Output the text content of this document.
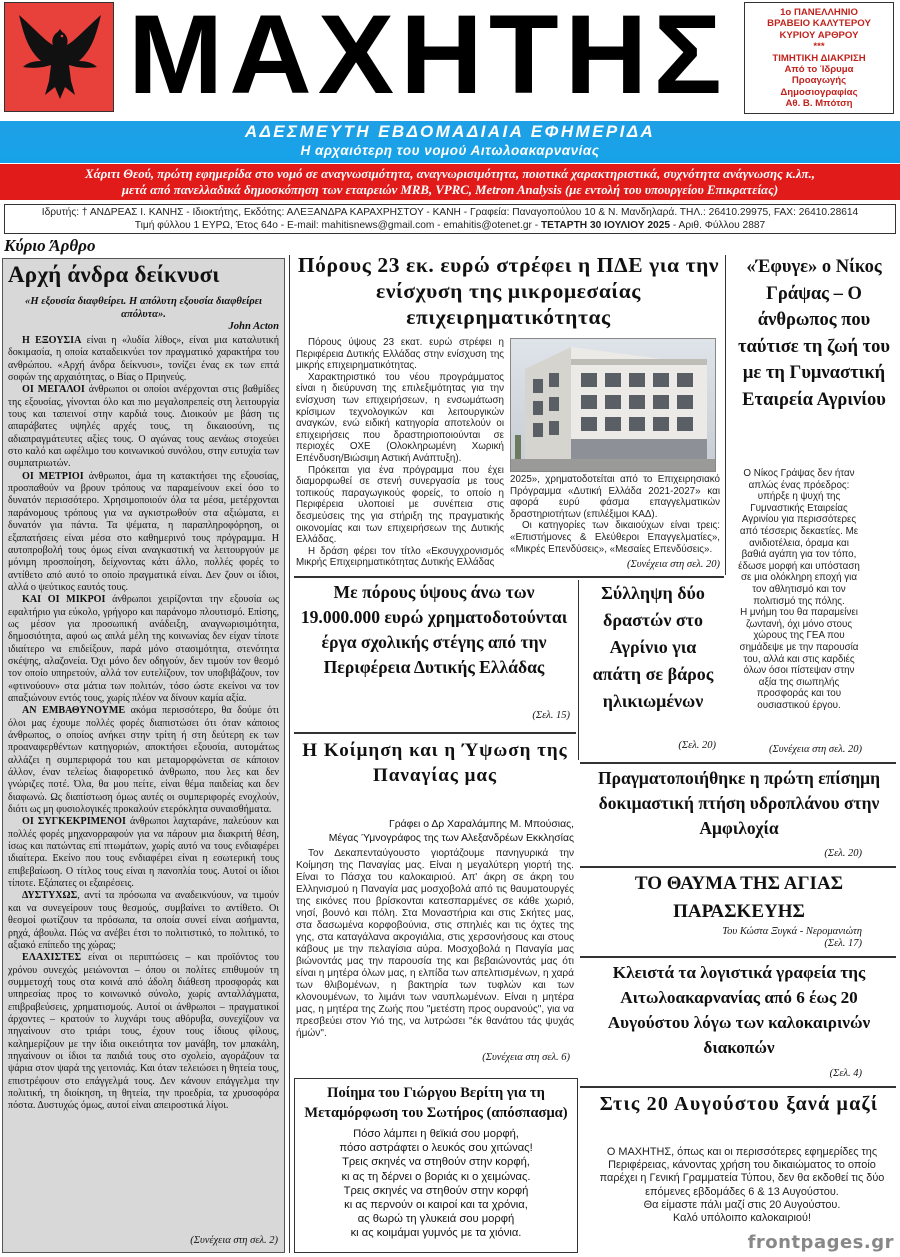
ΜΑΧΗΤΗΣ	1ο ΠΑΝΕΛΛΗΝΙΟ
ΒΡΑΒΕΙΟ ΚΑΛΥΤΕΡΟΥ
ΚΥΡΙΟΥ ΑΡΘΡΟΥ
***
ΤΙΜΗΤΙΚΗ ΔΙΑΚΡΙΣΗ
Από το Ίδρυμα
Προαγωγής
Δημοσιογραφίας
Αθ. Β. Μπότση
ΑΔΕΣΜΕΥΤΗ ΕΒΔΟΜΑΔΙΑΙΑ ΕΦΗΜΕΡΙΔΑ
Η αρχαιότερη του νομού Αιτωλοακαρνανίας
Χάριτι Θεού, πρώτη εφημερίδα στο νομό σε αναγνωσιμότητα, αναγνωρισιμότητα, ποιοτικά χαρακτηριστικά, συχνότητα ανάγνωσης κ.λπ.,
μετά από πανελλαδικά δημοσκόπηση των εταιρειών MRB, VPRC, Metron Analysis (με εντολή του υπουργείου Επικρατείας)
Ιδρυτής: † ΑΝΔΡΕΑΣ Ι. ΚΑΝΗΣ - Ιδιοκτήτης, Εκδότης: ΑΛΕΞΑΝΔΡΑ ΚΑΡΑΧΡΗΣΤΟΥ - ΚΑΝΗ - Γραφεία: Παναγοπούλου 10 & Ν. Μανδηλαρά. ΤΗΛ.: 26410.29975, FAX: 26410.28614
Τιμή φύλλου 1 ΕΥΡΩ, Έτος 64ο - E-mail: mahitisnews@gmail.com - emahitis@otenet.gr - ΤΕΤΑΡΤΗ 30 ΙΟΥΛΙΟΥ 2025 - Αριθ. Φύλλου 2887
Κύριο Άρθρο
Αρχή άνδρα δείκνυσι
«Η εξουσία διαφθείρει. Η απόλυτη εξουσία διαφθείρει απόλυτα».
John Acton

Η ΕΞΟΥΣΙΑ είναι η «λυδία λίθος», είναι μια καταλυτική δοκιμασία, η οποία καταδεικνύει τον πραγματικό χαρακτήρα του ανθρώπου. «Αρχή άνδρα δείκνυσι», τονίζει ένας εκ των επτά σοφών της αρχαιότητας, ο Βίας ο Πριηνεύς.

ΟΙ ΜΕΓΑΛΟΙ άνθρωποι οι οποίοι ανέρχονται στις βαθμίδες της εξουσίας, γίνονται όλο και πιο μεγαλοπρεπείς στη λειτουργία τους και ταπεινοί στην καρδιά τους. Διοικούν με βάση τις απαράβατες υψηλές αρχές τους, τη δικαιοσύνη, τις αδιαπραγμάτευτες αξίες τους. Ο αγώνας τους αενάως στοχεύει στο καλό και ωφέλιμο του κοινωνικού συνόλου, στην ευτυχία των συμπατριωτών.

ΟΙ ΜΕΤΡΙΟΙ άνθρωποι, άμα τη κατακτήσει της εξουσίας, προσπαθούν να βρουν τρόπους να παραμείνουν εκεί όσο το δυνατόν περισσότερο. Χρησιμοποιούν όλα τα μέσα, μετέρχονται παράνομους τρόπους για να αγκιστρωθούν στα αξιώματα, ει δυνατόν για πάντα. Τα ψέματα, η παραπληροφόρηση, οι εξαπατήσεις είναι μέσα στο καθημερινό τους πρόγραμμα. Η αυτοπροβολή τους όμως είναι αναγκαστική να λειτουργούν με μόνιμη προσποίηση, δείχνοντας κάτι άλλο, πολλές φορές το αντίθετο από αυτό το οποίο πραγματικά είναι. Δεν ζουν οι ίδιοι, αλλά ο ψεύτικος εαυτός τους.

ΚΑΙ ΟΙ ΜΙΚΡΟΙ άνθρωποι χειρίζονται την εξουσία ως εφαλτήριο για εύκολο, γρήγορο και παράνομο πλουτισμό. Επίσης, ως μέσον για προσωπική ανάδειξη, αναγνωρισιμότητα, δημοσιότητα, αφού ως απλά μέλη της κοινωνίας δεν είχαν τίποτε ιδιαίτερο να επιδείξουν, παρά μόνο στασιμότητα, στενότητα σκέψης, αλαζονεία. Όχι μόνο δεν οδηγούν, δεν τιμούν τον θεσμό τον οποίο υπηρετούν, αλλά τον ευτελίζουν, τον υποβιβάζουν, τον «φτινούουν» στα μάτια των πολιτών, τόσο ώστε εκείνοι να τον απαξιώνουν εντός τους, χωρίς πλέον να δίνουν καμία αξία.

ΑΝ ΕΜΒΑΘΥΝΟΥΜΕ ακόμα περισσότερο, θα δούμε ότι όλοι μας έχουμε πολλές φορές διαπιστώσει ότι όταν κάποιος άνθρωπος, ο οποίος ανήκει στην τρίτη ή στη δεύτερη εκ των προαναφερθέντων κατηγοριών, αποκτήσει εξουσία, αυτομάτως αλλάζει η συμπεριφορά του και μεταμορφώνεται σε κάποιον άλλον, έναν τελείως διαφορετικό άνθρωπο, που λες και δεν γνώριζες ποτέ. Όλα, θα μου πείτε, είναι θέμα παιδείας και δεν διαφωνώ. Ως διαπίστωση όμως αυτές οι συμπεριφορές ενοχλούν, διότι ως μη φυσιολογικές προκαλούν ετερόκλητα συναισθήματα.

ΟΙ ΣΥΓΚΕΚΡΙΜΕΝΟΙ άνθρωποι λαχταράνε, παλεύουν και πολλές φορές μηχανορραφούν για να πάρουν μια διακριτή θέση, ίσως και πατώντας επί πτωμάτων, χωρίς αυτό να τους ενδιαφέρει ιδιαίτερα. Εκείνο που τους ενδιαφέρει είναι η εσωτερική τους επιβεβαίωση. Ο τίτλος τους είναι η πανοπλία τους. Αυτοί οι ίδιοι τίποτε. Εξάπατες οι εξαιρέσεις.

ΔΥΣΤΥΧΩΣ, αντί τα πρόσωπα να αναδεικνύουν, να τιμούν και να συνεγείρουν τους θεσμούς, συμβαίνει το αντίθετο. Οι θεσμοί φωτίζουν τα πρόσωπα, τα οποία συνεί είναι ασήμαντα, ρηχά, άβουλα. Πώς να ανέβει έτσι το πολιτιστικό, το πολιτικό, το αξιακό επίπεδο της χώρας;

ΕΛΑΧΙΣΤΕΣ είναι οι περιπτώσεις – και προϊόντος του χρόνου συνεχώς μειώνονται – όπου οι πολίτες επιθυμούν τη συμμετοχή τους στα κοινά από άδολη διάθεση προσφοράς και υπηρεσίας προς το κοινωνικό σύνολο, χωρίς ανταλλάγματα, επιβραβεύσεις, χρηματισμούς. Αυτοί οι άνθρωποι – πραγματικοί άρχοντες – κρατούν το λυχνάρι τους αθόρυβα, συνεχίζουν να πηγαίνουν στο τριάρι τους, έχουν τους ίδιους φίλους, καλημερίζουν με την ίδια οικειότητα τον μανάβη, τον μπακάλη, πηγαίνουν οι ίδιοι τα παιδιά τους στο σχολείο, αγοράζουν τα ψάρια στον ψαρά της γειτονιάς. Και όταν τελειώσει η θητεία τους, επιστρέφουν στο επάγγελμά τους. Δεν κάνουν επάγγελμα την πολιτική, τη διοίκηση, τη θητεία, την προεδρία, τα χρυσοφόρα πόστα. Δυστυχώς όμως, αυτοί είναι απειροστικά λίγοι.

(Συνέχεια στη σελ. 2)
Πόρους 23 εκ. ευρώ στρέφει η ΠΔΕ για την ενίσχυση της μικρομεσαίας επιχειρηματικότητας

Πόρους ύψους 23 εκατ. ευρώ στρέφει η Περιφέρεια Δυτικής Ελλάδας στην ενίσχυση της μικρής επιχειρηματικότητας.

Χαρακτηριστικό του νέου προγράμματος είναι η διεύρυνση της επιλεξιμότητας για την ενίσχυση των επιχειρήσεων, η ενσωμάτωση κρίσιμων τεχνολογικών και λειτουργικών αναγκών, ενώ ειδική κατηγορία αποτελούν οι επιχειρήσεις που δραστηριοποιούνται σε περιοχές ΟΧΕ (Ολοκληρωμένη Χωρική Επένδυση/Βιώσιμη Αστική Ανάπτυξη).

Πρόκειται για ένα πρόγραμμα που έχει διαμορφωθεί σε στενή συνεργασία με τους τοπικούς παραγωγικούς φορείς, το οποίο η Περιφέρεια υλοποιεί με συνέπεια στις δεσμεύσεις της για στήριξη της πραγματικής οικονομίας και των επιχειρήσεων της Δυτικής Ελλάδας.

Η δράση φέρει τον τίτλο «Εκσυγχρονισμός Μικρής Επιχειρηματικότητας Δυτικής Ελλάδας

2025», χρηματοδοτείται από το Επιχειρησιακό Πρόγραμμα «Δυτική Ελλάδα 2021-2027» και αφορά ευρύ φάσμα επαγγελματικών δραστηριοτήτων (επιλέξιμοι ΚΑΔ).

Οι κατηγορίες των δικαιούχων είναι τρεις: «Επιστήμονες & Ελεύθεροι Επαγγελματίες», «Μικρές Επενδύσεις», «Μεσαίες Επενδύσεις».

(Συνέχεια στη σελ. 20)
«Έφυγε» ο Νίκος Γράψας – Ο άνθρωπος που ταύτισε τη ζωή του με τη Γυμναστική Εταιρεία Αγρινίου

Ο Νίκος Γράψας δεν ήταν απλώς ένας πρόεδρος: υπήρξε η ψυχή της Γυμναστικής Εταιρείας Αγρινίου για περισσότερες από τέσσερις δεκαετίες. Με ανιδιοτέλεια, όραμα και βαθιά αγάπη για τον τόπο, έδωσε μορφή και υπόσταση σε μια ολόκληρη εποχή για τον αθλητισμό και τον πολιτισμό της πόλης.

Η μνήμη του θα παραμείνει ζωντανή, όχι μόνο στους χώρους της ΓΕΑ που σημάδεψε με την παρουσία του, αλλά και στις καρδιές όλων όσοι πίστεψαν στην αξία της σιωπηλής προσφοράς και του ουσιαστικού έργου.

(Συνέχεια στη σελ. 20)
Με πόρους ύψους άνω των 19.000.000 ευρώ χρηματοδοτούνται έργα σχολικής στέγης από την Περιφέρεια Δυτικής Ελλάδας
(Σελ. 15)
Σύλληψη δύο δραστών στο Αγρίνιο για απάτη σε βάρος ηλικιωμένων
(Σελ. 20)
Η Κοίμηση και η Ύψωση της Παναγίας μας
Γράφει ο Δρ Χαραλάμπης Μ. Μπούσιας,
Μέγας Ύμνογράφος της των Αλεξανδρέων Εκκλησίας

Τον Δεκαπενταύγουστο γιορτάζουμε πανηγυρικά την Κοίμηση της Παναγίας μας. Είναι η μεγαλύτερη γιορτή της. Είναι το Πάσχα του καλοκαιριού. Απ' άκρη σε άκρη του Ελληνισμού η Παναγία μας μοσχοβολά από τις θαυματουργές της εικόνες που βρίσκονται κατεσπαρμένες σε κάθε χωριό, νησί, βουνό και πόλη. Στα Μοναστήρια και στις Σκήτες μας, στα δασωμένα κορφοβούνια, στις σπηλιές και τις όχτες της γης, στα καταγάλανα ακρογιάλια, στις χερσονήσους και στους κάβους με την πελαγίσια αύρα. Μοσχοβολά η Παναγία μας βιώνοντάς μας την παρουσία της και βεβαιώνοντάς μας ότι είναι η μητέρα όλων μας, η ελπίδα των απελπισμένων, η χαρά των θλιβομένων, η βακτηρία των τυφλών και των κλονουμένων, το λιμάνι των ναυπλωμένων. Είναι η μητέρα μας, η μητέρα της Ζωής που "μετέστη προς ουρανούς", για να πρεσβεύει στον Υιό της, να λυτρώσει "έκ θανάτου τάς ψυχάς ήμών".

(Συνέχεια στη σελ. 6)
Ποίημα του Γιώργου Βερίτη για τη Μεταμόρφωση του Σωτήρος (απόσπασμα)
Πόσο λάμπει η θεϊκιά σου μορφή,
πόσο αστράφτει ο λευκός σου χιτώνας!
Τρεις σκηνές να στηθούν στην κορφή,
κι ας τη δέρνει ο βοριάς κι ο χειμώνας.
Τρεις σκηνές να στηθούν στην κορφή
κι ας περνούν οι καιροί και τα χρόνια,
ας θωρώ τη γλυκειά σου μορφή
κι ας κοιμάμαι γυμνός με τα χιόνια.
Πραγματοποιήθηκε η πρώτη επίσημη δοκιμαστική πτήση υδροπλάνου στην Αμφιλοχία
(Σελ. 20)
ΤΟ ΘΑΥΜΑ ΤΗΣ ΑΓΙΑΣ ΠΑΡΑΣΚΕΥΗΣ
Του Κώστα Ξυγκά - Νερομανιώτη
(Σελ. 17)
Κλειστά τα λογιστικά γραφεία της Αιτωλοακαρνανίας από 6 έως 20 Αυγούστου λόγω των καλοκαιρινών διακοπών
(Σελ. 4)
Στις 20 Αυγούστου ξανά μαζί

Ο ΜΑΧΗΤΗΣ, όπως και οι περισσότερες εφημερίδες της Περιφέρειας, κάνοντας χρήση του δικαιώματος το οποίο παρέχει η Γενική Γραμματεία Τύπου, δεν θα εκδοθεί τις δύο επόμενες εβδομάδες 6 & 13 Αυγούστου.

Θα είμαστε πάλι μαζί στις 20 Αυγούστου.

Καλό υπόλοιπο καλοκαιριού!

frontpages.gr
